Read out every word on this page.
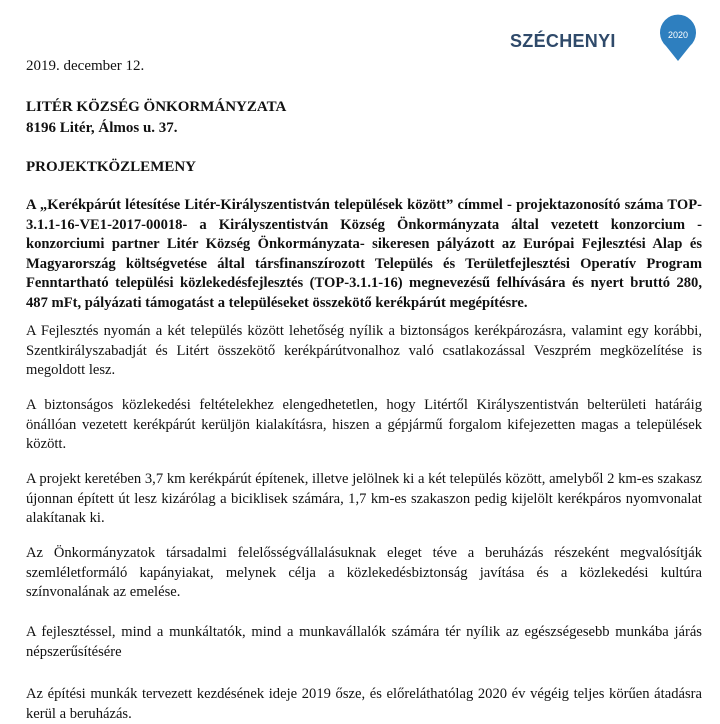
SZÉCHENYI	2020
2019. december 12.
LITÉR KÖZSÉG ÖNKORMÁNYZATA
8196 Litér, Álmos u. 37.
PROJEKTKÖZLEMENY
A „Kerékpárút létesítése Litér-Királyszentistván települések között” címmel - projektazonosító száma TOP-3.1.1-16-VE1-2017-00018- a Királyszentistván Község Önkormányzata által vezetett konzorcium - konzorciumi partner Litér Község Önkormányzata- sikeresen pályázott az Európai Fejlesztési Alap és Magyarország költségvetése által társfinanszírozott Település és Területfejlesztési Operatív Program Fenntartható települési közlekedésfejlesztés (TOP-3.1.1-16) megnevezésű felhívására és nyert bruttó 280, 487 mFt, pályázati támogatást a településeket összekötő kerékpárút megépítésre.
A Fejlesztés nyomán a két település között lehetőség nyílik a biztonságos kerékpározásra, valamint egy korábbi, Szentkirályszabadját és Litért összekötő kerékpárútvonalhoz való csatlakozással Veszprém megközelítése is megoldott lesz.
A biztonságos közlekedési feltételekhez elengedhetetlen, hogy Litértől Királyszentistván belterületi határáig önállóan vezetett kerékpárút kerüljön kialakításra, hiszen a gépjármű forgalom kifejezetten magas a települések között.
A projekt keretében 3,7 km kerékpárút építenek, illetve jelölnek ki a két település között, amelyből 2 km-es szakasz újonnan épített út lesz kizárólag a biciklisek számára, 1,7 km-es szakaszon pedig kijelölt kerékpáros nyomvonalat alakítanak ki.
Az Önkormányzatok társadalmi felelősségvállalásuknak eleget téve a beruházás részeként megvalósítják szemléletformáló kapányiakat, melynek célja a közlekedésbiztonság javítása és a közlekedési kultúra színvonalának az emelése.
A fejlesztéssel, mind a munkáltatók, mind a munkavállalók számára tér nyílik az egészségesebb munkába járás népszerűsítésére
Az építési munkák tervezett kezdésének ideje 2019 ősze, és előreláthatólag 2020 év végéig teljes körűen átadásra kerül a beruházás.
